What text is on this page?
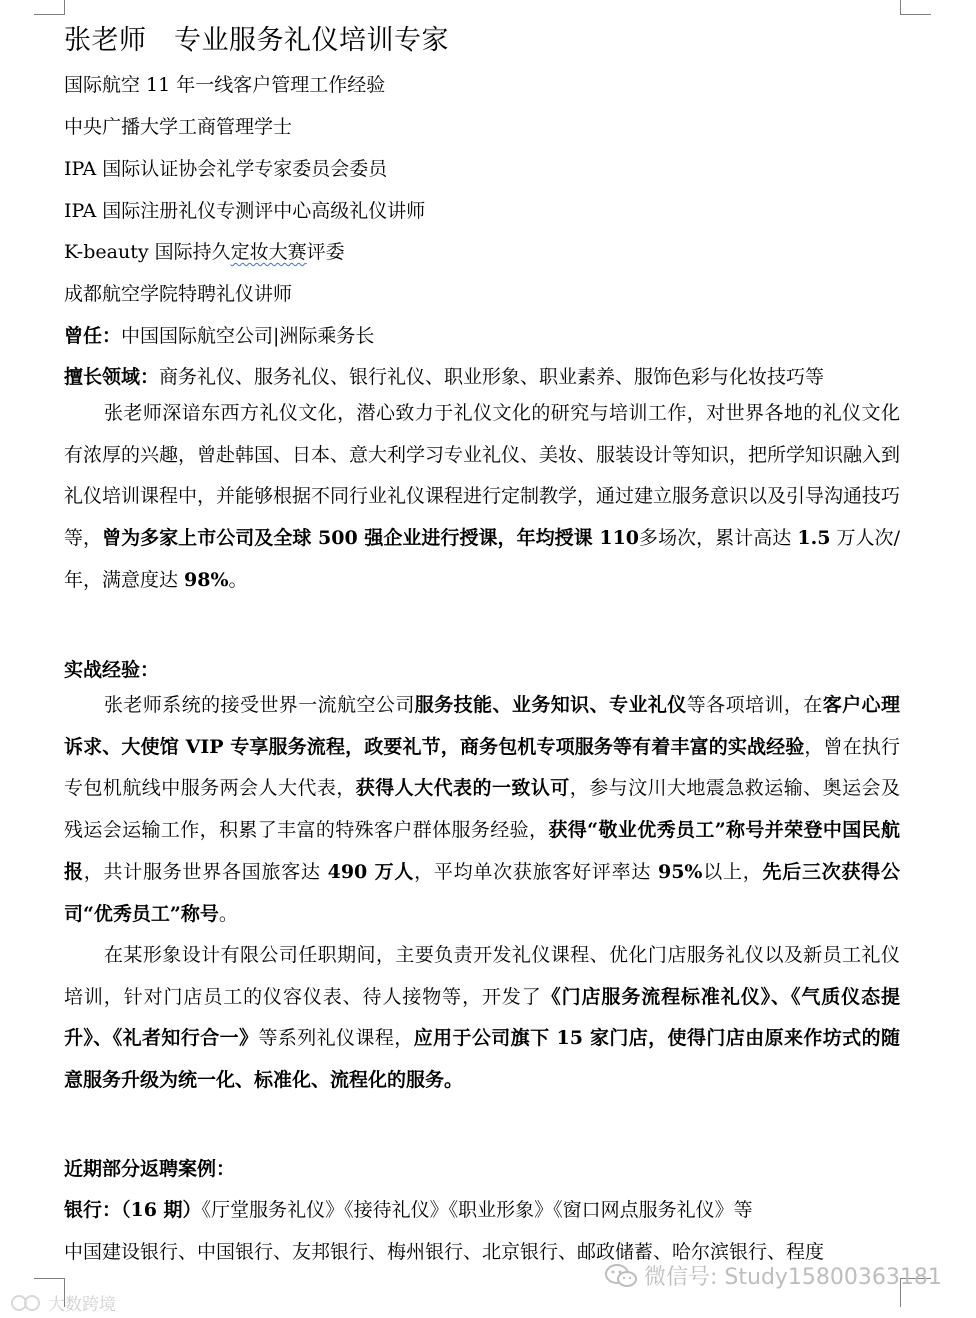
张老师　专业服务礼仪培训专家
国际航空 11 年一线客户管理工作经验
中央广播大学工商管理学士
IPA 国际认证协会礼学专家委员会委员
IPA 国际注册礼仪专测评中心高级礼仪讲师
K-beauty 国际持久定妆大赛评委
成都航空学院特聘礼仪讲师
曾任：中国国际航空公司|洲际乘务长
擅长领域：商务礼仪、服务礼仪、银行礼仪、职业形象、职业素养、服饰色彩与化妆技巧等
张老师深谙东西方礼仪文化，潜心致力于礼仪文化的研究与培训工作，对世界各地的礼仪文化有浓厚的兴趣，曾赴韩国、日本、意大利学习专业礼仪、美妆、服装设计等知识，把所学知识融入到礼仪培训课程中，并能够根据不同行业礼仪课程进行定制教学，通过建立服务意识以及引导沟通技巧等，曾为多家上市公司及全球 500 强企业进行授课，年均授课 110多场次，累计高达 1.5 万人次/年，满意度达 98%。
实战经验：
张老师系统的接受世界一流航空公司服务技能、业务知识、专业礼仪等各项培训，在客户心理诉求、大使馆 VIP 专享服务流程，政要礼节，商务包机专项服务等有着丰富的实战经验，曾在执行专包机航线中服务两会人大代表，获得人大代表的一致认可，参与汶川大地震急救运输、奥运会及残运会运输工作，积累了丰富的特殊客户群体服务经验，获得“敬业优秀员工”称号并荣登中国民航报，共计服务世界各国旅客达 490 万人，平均单次获旅客好评率达 95%以上，先后三次获得公司“优秀员工”称号。
在某形象设计有限公司任职期间，主要负责开发礼仪课程、优化门店服务礼仪以及新员工礼仪培训，针对门店员工的仪容仪表、待人接物等，开发了《门店服务流程标准礼仪》、《气质仪态提升》、《礼者知行合一》等系列礼仪课程，应用于公司旗下 15 家门店，使得门店由原来作坊式的随意服务升级为统一化、标准化、流程化的服务。
近期部分返聘案例：
银行：（16 期）《厅堂服务礼仪》《接待礼仪》《职业形象》《窗口网点服务礼仪》等
中国建设银行、中国银行、友邦银行、梅州银行、北京银行、邮政储蓄、哈尔滨银行、程度
大数跨境
微信号: Study15800363181
